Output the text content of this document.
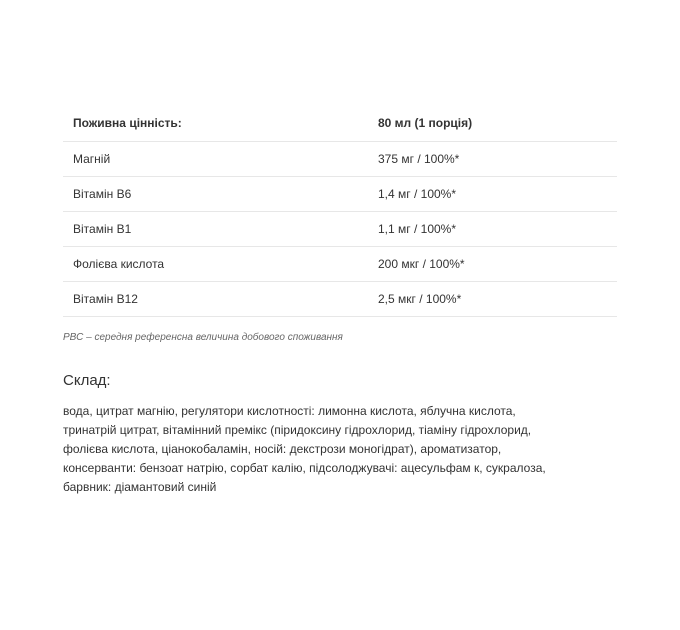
Поживна цінність:	80 мл (1 порція)
Магній	375 мг / 100%*
Вітамін В6	1,4 мг / 100%*
Вітамін В1	1,1 мг / 100%*
Фолієва кислота	200 мкг / 100%*
Вітамін В12	2,5 мкг / 100%*
РВС – середня референсна величина добового споживання
Склад:
вода, цитрат магнію, регулятори кислотності: лимонна кислота, яблучна кислота,
тринатрій цитрат, вітамінний премікс (піридоксину гідрохлорид, тіаміну гідрохлорид,
фолієва кислота, ціанокобаламін, носій: декстрози моногідрат), ароматизатор,
консерванти: бензоат натрію, сорбат калію, підсолоджувачі: ацесульфам к, сукралоза,
барвник: діамантовий синій
